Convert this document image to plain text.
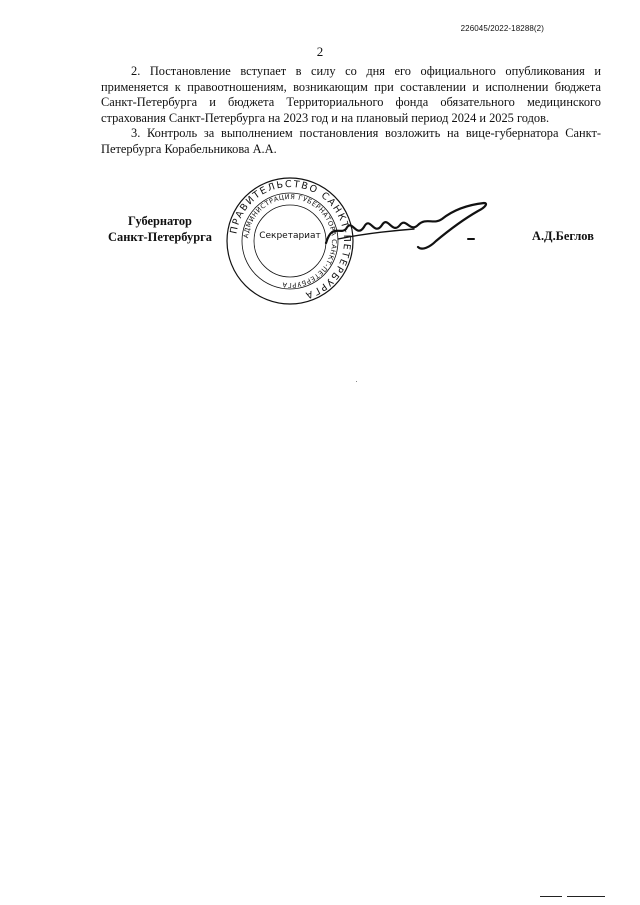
226045/2022-18288(2)
2

2. Постановление вступает в силу со дня его официального опубликования и применяется к правоотношениям, возникающим при составлении и исполнении бюджета Санкт-Петербурга и бюджета Территориального фонда обязательного медицинского страхования Санкт-Петербурга на 2023 год и на плановый период 2024 и 2025 годов.

3. Контроль за выполнением постановления возложить на вице-губернатора Санкт-Петербурга Корабельникова А.А.

Губернатор
Санкт-Петербурга
ПРАВИТЕЛЬСТВО САНКТ-ПЕТЕРБУРГА
АДМИНИСТРАЦИЯ ГУБЕРНАТОРА САНКТ-ПЕТЕРБУРГА
Секретариат	А.Д.Беглов
